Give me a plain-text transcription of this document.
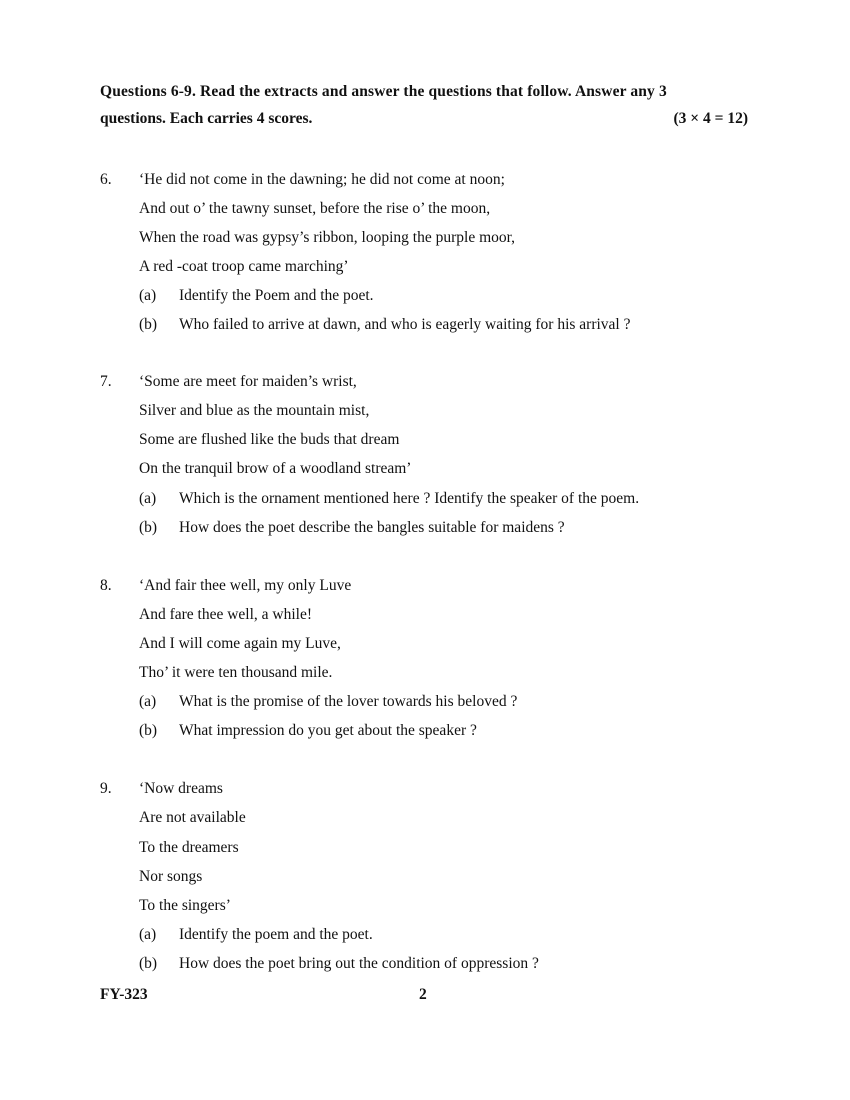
Questions 6-9. Read the extracts and answer the questions that follow. Answer any 3
questions. Each carries 4 scores.	(3 × 4 = 12)
6. ‘He did not come in the dawning; he did not come at noon;
And out o’ the tawny sunset, before the rise o’ the moon,
When the road was gypsy’s ribbon, looping the purple moor,
A red -coat troop came marching’
(a) Identify the Poem and the poet.
(b) Who failed to arrive at dawn, and who is eagerly waiting for his arrival ?
7. ‘Some are meet for maiden’s wrist,
Silver and blue as the mountain mist,
Some are flushed like the buds that dream
On the tranquil brow of a woodland stream’
(a) Which is the ornament mentioned here ? Identify the speaker of the poem.
(b) How does the poet describe the bangles suitable for maidens ?
8. ‘And fair thee well, my only Luve
And fare thee well, a while!
And I will come again my Luve,
Tho’ it were ten thousand mile.
(a) What is the promise of the lover towards his beloved ?
(b) What impression do you get about the speaker ?
9. ‘Now dreams
Are not available
To the dreamers
Nor songs
To the singers’
(a) Identify the poem and the poet.
(b) How does the poet bring out the condition of oppression ?
FY-323	2
